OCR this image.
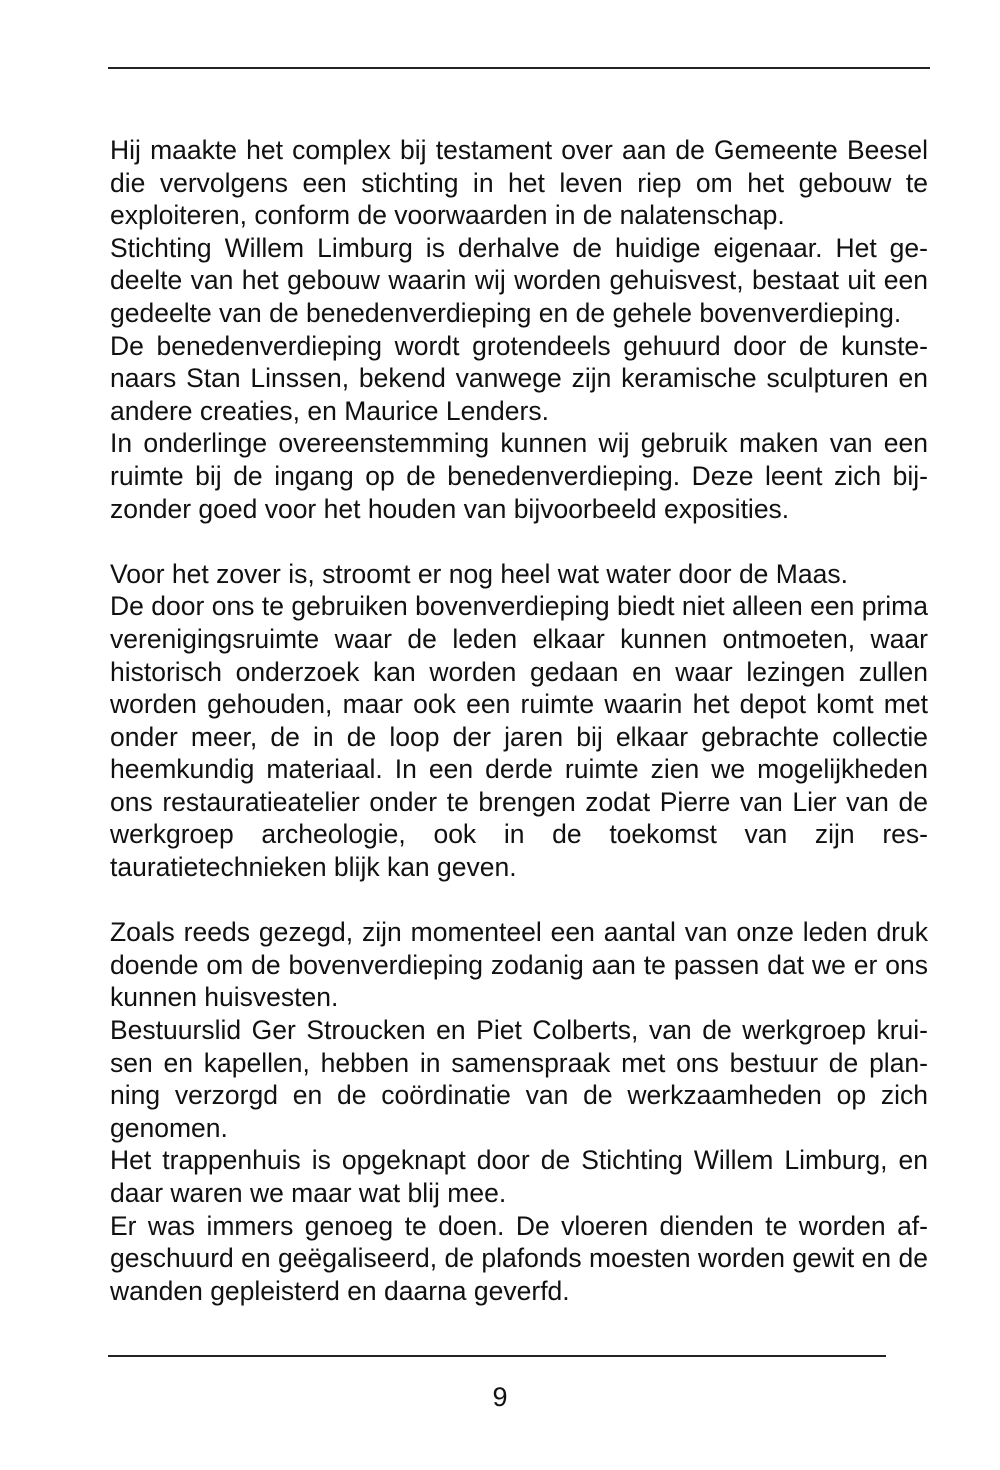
Hij maakte het complex bij testament over aan de Gemeente Beesel die vervolgens een stichting in het leven riep om het gebouw te exploiteren, conform de voorwaarden in de nalatenschap.

Stichting Willem Limburg is derhalve de huidige eigenaar. Het gedeelte van het gebouw waarin wij worden gehuisvest, bestaat uit een gedeelte van de benedenverdieping en de gehele bovenverdieping.

De benedenverdieping wordt grotendeels gehuurd door de kunstenaars Stan Linssen, bekend vanwege zijn keramische sculpturen en andere creaties, en Maurice Lenders.

In onderlinge overeenstemming kunnen wij gebruik maken van een ruimte bij de ingang op de benedenverdieping. Deze leent zich bijzonder goed voor het houden van bijvoorbeeld exposities.

Voor het zover is, stroomt er nog heel wat water door de Maas.

De door ons te gebruiken bovenverdieping biedt niet alleen een prima verenigingsruimte waar de leden elkaar kunnen ontmoeten, waar historisch onderzoek kan worden gedaan en waar lezingen zullen worden gehouden, maar ook een ruimte waarin het depot komt met onder meer, de in de loop der jaren bij elkaar gebrachte collectie heemkundig materiaal. In een derde ruimte zien we mogelijkheden ons restauratieatelier onder te brengen zodat Pierre van Lier van de werkgroep archeologie, ook in de toekomst van zijn restauratietechnieken blijk kan geven.

Zoals reeds gezegd, zijn momenteel een aantal van onze leden druk doende om de bovenverdieping zodanig aan te passen dat we er ons kunnen huisvesten.

Bestuurslid Ger Stroucken en Piet Colberts, van de werkgroep kruisen en kapellen, hebben in samenspraak met ons bestuur de planning verzorgd en de coördinatie van de werkzaamheden op zich genomen.

Het trappenhuis is opgeknapt door de Stichting Willem Limburg, en daar waren we maar wat blij mee.

Er was immers genoeg te doen. De vloeren dienden te worden afgeschuurd en geëgaliseerd, de plafonds moesten worden gewit en de wanden gepleisterd en daarna geverfd.

9
